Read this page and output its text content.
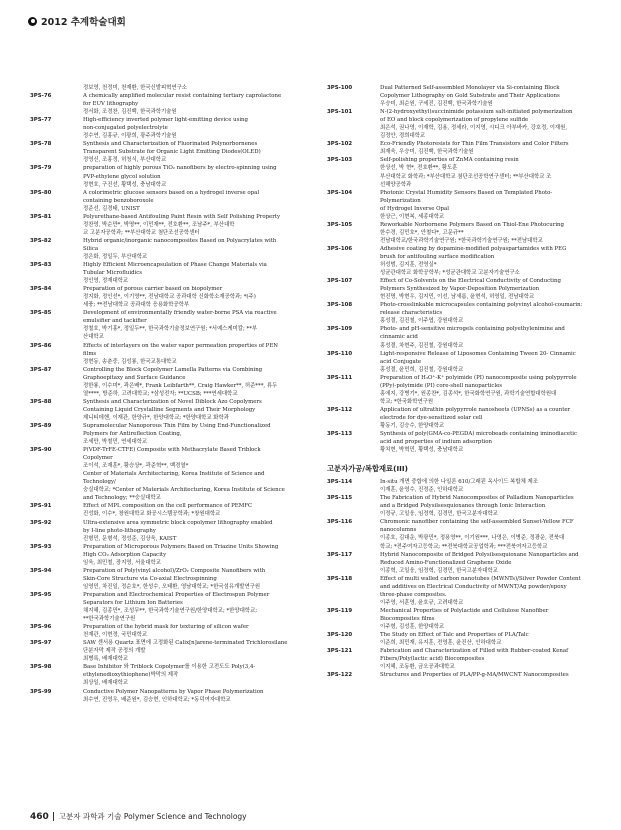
2012 추계학술대회
정보영, 천정미, 천재환, 한국신발피혁연구소
3PS-76	A chemically amplified molecular resist containing tertiary caprolactone
for EUV lithography
정서화, 조경찬, 김진백, 한국과학기술원
3PS-77	High-efficiency inverted polymer light-emitting device using
non-conjugated polyelectrolyte
정수연, 김홍규, 이광희, 광주과학기술원
3PS-78	Synthesis and Characterization of Fluorinated Polynorbornenes
Transparent Substrate for Organic Light Emitting Diodes(OLED)
정영신, 조홍정, 허청식, 부산대학교
3PS-79	preparation of highly porous TiO₂ nanofibers by electro-spinning using
PVP-ethylene glycol solution
정현호, 구진선, 황택성, 충남대학교
3PS-80	A colorimetric glucose sensors based on a hydrogel inverse opal
containing benzoboroxole
정준선, 김경태, UNIST
3PS-81	Polyurethane-based Antifouling Paint Resin with Self Polishing Property
정찬영, 박순만*, 박명**, 이민재**, 전호환**, 조남주*, 부산대학
교 고분자공학과; **부산대학교 첨단조선공학센터
3PS-82	Hybrid organic/inorganic nanocomposites Based on Polyacrylates with Silica
정은화, 정일두, 부산대학교
3PS-83	Highly Efficient Microencapsulation of Phase Change Materials via
Tubular Microfluidics
정인영, 정재대학교
3PS-84	Preparation of porous carrier based on biopolymer
정지화, 정인선*, 이기영**, 전남대학교 공과대학 신화학소재공학과; *(주)
세풍; **전남대학교 공과대학 응용화학공학부
3PS-85	Development of environmentally friendly water-borne PSA via reactive
emulsifier and tackifier
정철호, 박기홍*, 정일두**, 한국과학기술정보연구원; *서예스케미칼; **부
산대학교
3PS-86	Effects of interlayers on the water vapor permeation properties of PEN films
정현동, 송춘중, 김성룡, 한국교통대학교
3PS-87	Controlling the Block Copolymer Lamella Patterns via Combining
Graphoepitaxy and Surface Guidance
정한룡, 이수미*, 곽은배*, Frank Leibfarth**, Craig Hawker**, 허준***, 류두
열****, 방준하, 고려대학교; *삼성전자; **UCSB; ***연세대학교
3PS-88	Synthesis and Characterization of Novel Diblock Azo Copolymers
Containing Liquid Crystalline Segments and Their Morphology
제니티데헨, 이재관, 한양규*, 한양대학교; *한양대학교 화학과
3PS-89	Supramolecular Nanoporous Thin Film by Using End-Functionalized
Polymers for Antireflection Coating,
조세만, 박철민, 연세대학교
3PS-90	P(VDF-TrFE-CTFE) Composite with Methacrylate Based Triblock Copolymer
조이석, 조재훈*, 황승상*, 곽준혁**, 백경열*
Center of Materials Architecturing, Korea Institute of Science and Technology/
숭실대학교; *Center of Materials Architecturing, Korea Institute of Science
and Technology; **숭실대학교
3PS-91	Effect of MPL composition on the cell performance of PEMFC
진성화, 이수*, 창원대학교 화공시스템공학과; *창원대학교
3PS-92	Ultra-extensive area symmetric block copolymer lithography enabled
by I-line photo-lithography
진형민, 문형석, 정성준, 김상욱, KAIST
3PS-93	Preparation of Microporous Polymers Based on Triazine Units Showing
High CO₂ Adsorption Capacity
임욱, 최민철, 장지영, 서울대학교
3PS-94	Preparation of Poly(vinyl alcohol)/ZrO₂ Composite Nanofibers with
Skin-Core Structure via Co-axial Electrospinning
임영민, 차진일, 정순호*, 한성수, 오태환, 영남대학교; *한국섬유개발연구원
3PS-95	Preparation and Electrochemical Properties of Electrospun Polymer
Separators for Lithium Ion Batteries
채지혜, 김종민*, 조성무**, 한국과학기술연구원/한양대학교; *한양대학교;
**한국과학기술연구원
3PS-96	Preparation of the hybrid mask for texturing of silicon wafer
천재관, 이현정, 국민대학교
3PS-97	SAW 센서용 Quartz 표면에 고정화된 Calix[n]arene-terminated Trichlorosilane
단분자막 제작 공정의 개발
최병록, 배재대학교
3PS-98	Base Inhibitor 와 Triblock Copolymer를 이용한 고전도도 Poly(3,4-
ethylenedioxythiophene)박막의 제작
최상일, 배재대학교
3PS-99	Conductive Polymer Nanopatterns by Vapor Phase Polymerization
최수연, 진영우, 배준원*, 김승현, 인하대학교; *동덕여자대학교
3PS-100	Dual Patterned Self-assembled Monolayer via Si-containing Block
Copolymer Lithography on Gold Substrate and Their Applications
우승미, 최순원, 구세진, 김진백, 한국과학기술원
3PS-101	N-(2-hydroxyethyl)succinimide potassium salt-initiated polymerization
of EO and block copolymerization of propylene sulfide
최은석, 권나영, 이재학, 김용, 정세라, 이지영, 시디크 아부바카, 강호정, 이재원,
김정안, 경희대학교
3PS-102	Eco-Friendly Photoresists for Thin Film Transistors and Color Filters
최재욱, 우승미, 김진백, 한국과학기술원
3PS-103	Self-polishing properties of ZnMA containing resin
한상선, 박 현*, 전호환**, 황도훈
부산대학교 화학과; *부산대학교 첨단조선공학연구센터; **부산대학교 조
선해양공학과
3PS-104	Photonic Crystal Humidity Sensors Based on Templated Photo-Polymerization
of Hydrogel Inverse Opal
한상근, 이현복, 세종대학교
3PS-105	Reworkable Norbornene Polymers Based on Thiol-Ene Photocuring
한수경, 김민호*, 안철다*, 고문규**
전남대학교/한국과학기술연구원; *한국과학기술연구원; **전남대학교
3PS-106	Adhesive coating by dopamine-modified polyaspartamides with PEG
brush for antifouling surface modification
허성범, 김지훈, 전영실*
성균관대학교 화학공학부; *성균관대학교 고분자기술연구소
3PS-107	Effect of Co-Solvents on the Electrical Conductivity of Conducting
Polymers Synthesized by Vapor-Deposition Polymerization
현진명, 박현우, 김지민, 이선, 남새롬, 윤현석, 허영일, 전남대학교
3PS-108	Photo-crosslinkable microcapsules containing polyvinyl alcohol-coumarin:
release characteristics
홍성결, 김진철, 이주엽, 강원대학교
3PS-109	Photo- and pH-sensitive microgels containing polyethylenimine and
cinnamic acid
홍성결, 차현주, 김진철, 강원대학교
3PS-110	Light-responsive Release of Liposomes Containing Tween 20- Cinnamic
acid Conjugate
홍성결, 윤민희, 김진철, 강원대학교
3PS-111	Preparation of H₃O⁺-K⁺ polyimide (PI) nanocomposite using polypyrrole
(PPy)-polyimide (PI) core-shell nanoparticles
홍에지, 강병기*, 원종찬*, 김종석*, 한국화학연구원, 과학기술연합대학원대
학교; *한국화학연구원
3PS-112	Application of ultrathin polypyrrole nanosheets (UPNSs) as a counter
electrode for dye-sensitized solar cell
황동기, 김승수, 한양대학교
3PS-113	Synthesis of poly(GMA-co-PEGDA) microbeads containing iminodiacetic
acid and properties of indium adsorption
황치현, 박혁민, 황택성, 충남대학교
고분자가공/복합재료(III)
3PS-114	In-situ 개면 중합에 의한 나일론 610/그래핀 옥사이드 복합체 제조
이재훈, 윤영수, 진정준, 인하대학교
3PS-115	The Fabrication of Hybrid Nanocomposites of Palladium Nanoparticles
and a Bridged Polysilsesquioxanes through Ionic Interaction
이정규, 고일웅, 임정혁, 김경민, 한국고분자대학교
3PS-116	Chromonic nanofiber containing the self-assembled Sunset-Yellow FCF
nanocolumns
이종호, 김대운, 박광민*, 정용영**, 이기원***, 나영은, 이병준, 정광운, 전북대
학교; *전주여자고등학교; **전북대학교공업학과; ***전북여자고등학교
3PS-117	Hybrid Nanocomposite of Bridged Polysilsesquioxane Nanoparticles and
Reduced Amino-Functionalized Graphene Oxide
이종혁, 고일웅, 임정혁, 김경민, 한국고분자대학교
3PS-118	Effect of multi walled carbon nanotubes (MWNTs)/Silver Powder Content
and additives on Electrical Conductivity of MWNT/Ag powder/epoxy
three-phase composites.
이주영, 서훈영, 윤호규, 고려대학교
3PS-119	Mechanical Properties of Polylactide and Cellulose Nanofiber
Biocomposites films
이주형, 김성훈, 한양대학교
3PS-120	The Study on Effect of Talc and Properties of PLA/Talc
이준희, 최민재, 유지훈, 전영훈, 윤진산, 인하대학교
3PS-121	Fabrication and Characterization of Filled with Rubber-coated Kenaf
Fibers/Poly(lactic acid) Biocomposites
이지혜, 조동환, 금오공과대학교
3PS-122	Structures and Properties of PLA/PP-g-MA/MWCNT Nanocomposites
460 고분자 과학과 기술 Polymer Science and Technology
